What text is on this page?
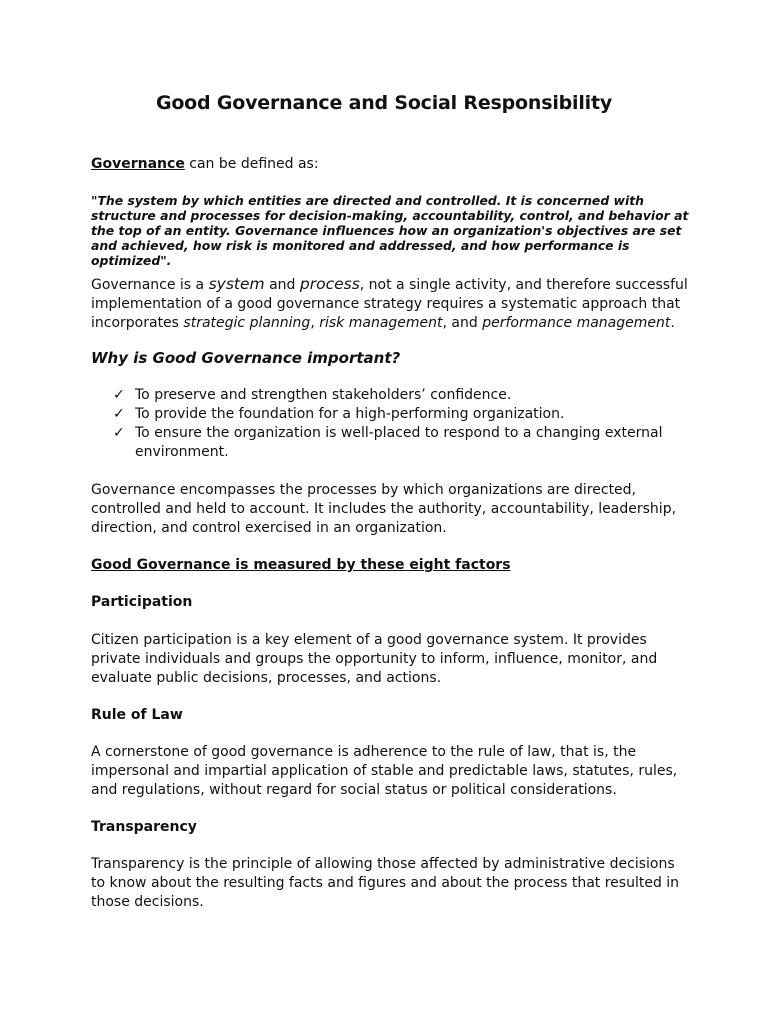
Good Governance and Social Responsibility
Governance can be defined as:
"The system by which entities are directed and controlled. It is concerned with structure and processes for decision-making, accountability, control, and behavior at the top of an entity. Governance influences how an organization's objectives are set and achieved, how risk is monitored and addressed, and how performance is optimized".
Governance is a system and process, not a single activity, and therefore successful implementation of a good governance strategy requires a systematic approach that incorporates strategic planning, risk management, and performance management.
Why is Good Governance important?
✓ To preserve and strengthen stakeholders’ confidence.
✓ To provide the foundation for a high-performing organization.
✓ To ensure the organization is well-placed to respond to a changing external environment.
Governance encompasses the processes by which organizations are directed, controlled and held to account. It includes the authority, accountability, leadership, direction, and control exercised in an organization.
Good Governance is measured by these eight factors
Participation
Citizen participation is a key element of a good governance system. It provides private individuals and groups the opportunity to inform, influence, monitor, and evaluate public decisions, processes, and actions.
Rule of Law
A cornerstone of good governance is adherence to the rule of law, that is, the impersonal and impartial application of stable and predictable laws, statutes, rules, and regulations, without regard for social status or political considerations.
Transparency
Transparency is the principle of allowing those affected by administrative decisions to know about the resulting facts and figures and about the process that resulted in those decisions.
